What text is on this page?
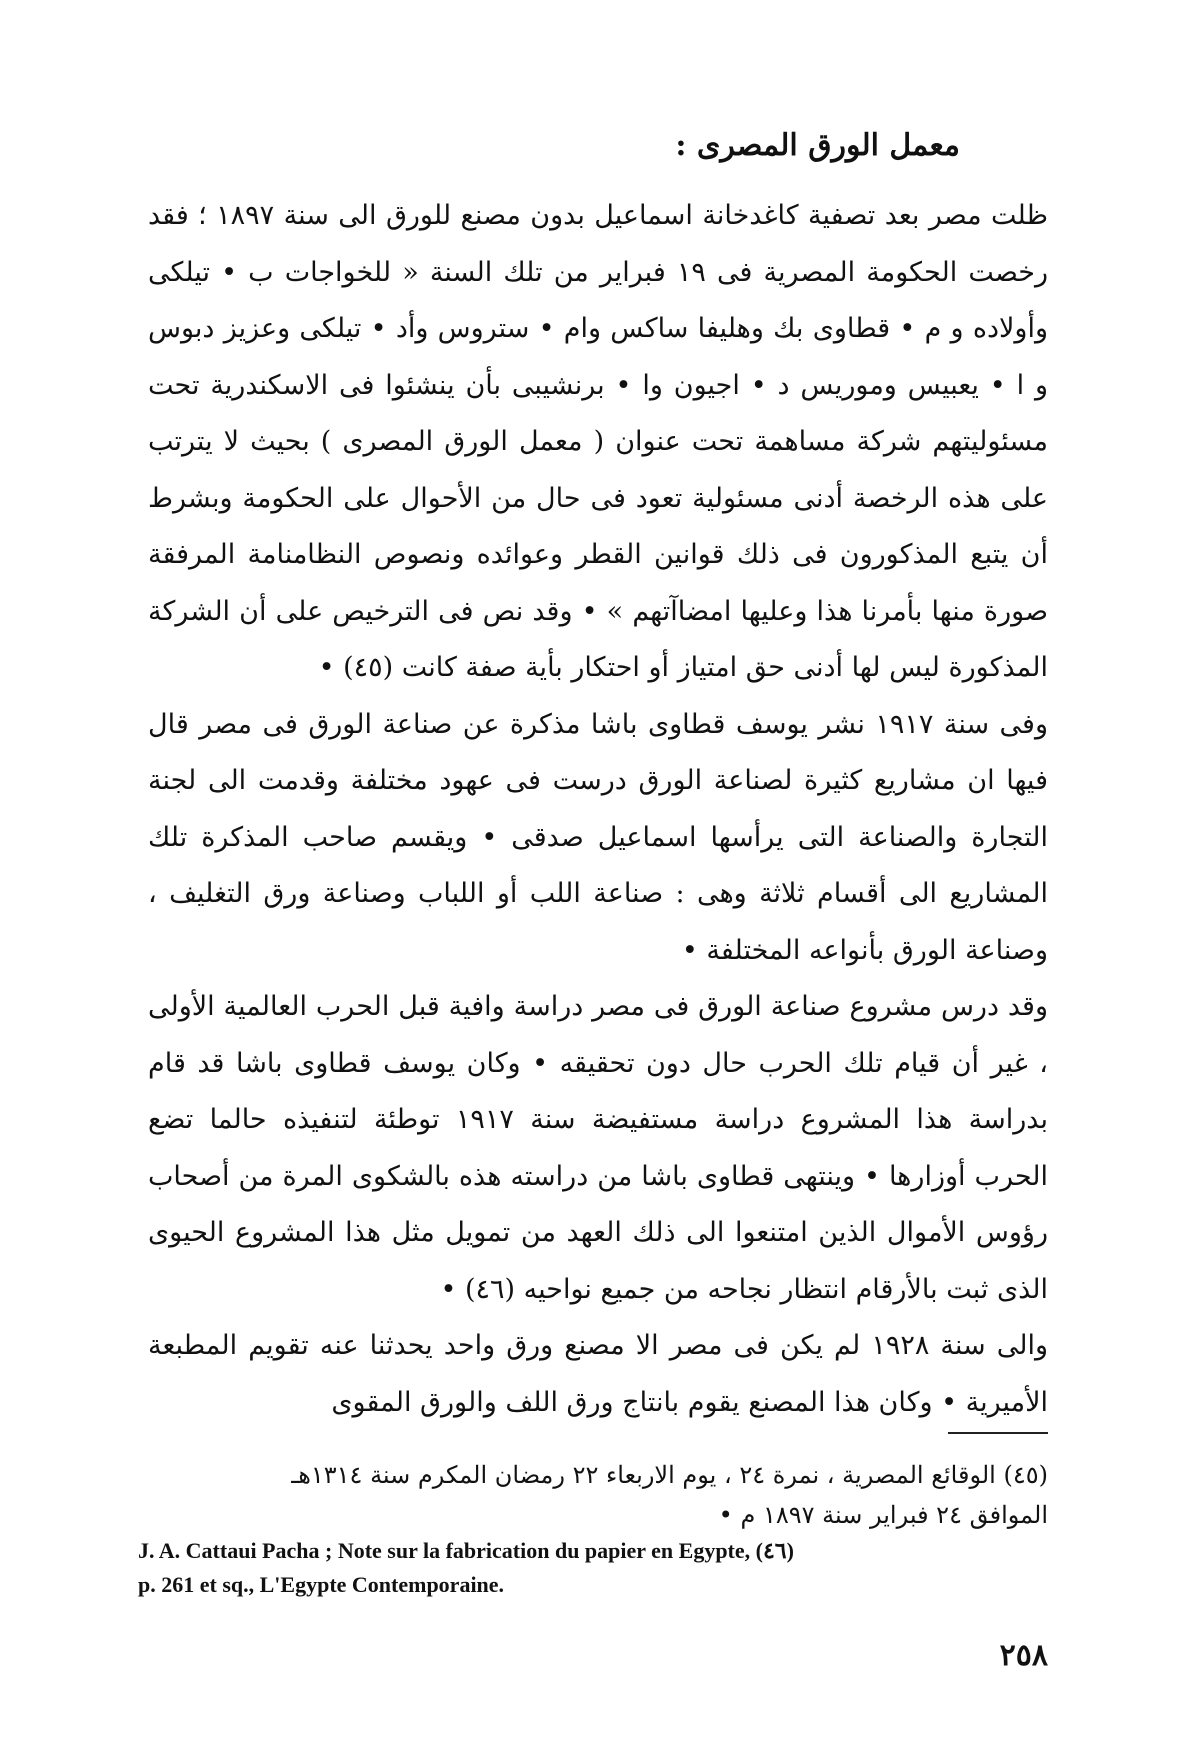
معمل الورق المصرى :

ظلت مصر بعد تصفية كاغدخانة اسماعيل بدون مصنع للورق الى سنة ١٨٩٧ ؛ فقد رخصت الحكومة المصرية فى ١٩ فبراير من تلك السنة « للخواجات ب • تيلكى وأولاده و م • قطاوى بك وهليفا ساكس وام • ستروس وأد • تيلكى وعزيز دبوس و ا • يعبيس وموريس د • اجيون وا • برنشيبى بأن ينشئوا فى الاسكندرية تحت مسئوليتهم شركة مساهمة تحت عنوان ( معمل الورق المصرى ) بحيث لا يترتب على هذه الرخصة أدنى مسئولية تعود فى حال من الأحوال على الحكومة وبشرط أن يتبع المذكورون فى ذلك قوانين القطر وعوائده ونصوص النظامنامة المرفقة صورة منها بأمرنا هذا وعليها امضاآتهم » • وقد نص فى الترخيص على أن الشركة المذكورة ليس لها أدنى حق امتياز أو احتكار بأية صفة كانت (٤٥) •

وفى سنة ١٩١٧ نشر يوسف قطاوى باشا مذكرة عن صناعة الورق فى مصر قال فيها ان مشاريع كثيرة لصناعة الورق درست فى عهود مختلفة وقدمت الى لجنة التجارة والصناعة التى يرأسها اسماعيل صدقى • ويقسم صاحب المذكرة تلك المشاريع الى أقسام ثلاثة وهى : صناعة اللب أو اللباب وصناعة ورق التغليف ، وصناعة الورق بأنواعه المختلفة •

وقد درس مشروع صناعة الورق فى مصر دراسة وافية قبل الحرب العالمية الأولى ، غير أن قيام تلك الحرب حال دون تحقيقه • وكان يوسف قطاوى باشا قد قام بدراسة هذا المشروع دراسة مستفيضة سنة ١٩١٧ توطئة لتنفيذه حالما تضع الحرب أوزارها • وينتهى قطاوى باشا من دراسته هذه بالشكوى المرة من أصحاب رؤوس الأموال الذين امتنعوا الى ذلك العهد من تمويل مثل هذا المشروع الحيوى الذى ثبت بالأرقام انتظار نجاحه من جميع نواحيه (٤٦) •

والى سنة ١٩٢٨ لم يكن فى مصر الا مصنع ورق واحد يحدثنا عنه تقويم المطبعة الأميرية • وكان هذا المصنع يقوم بانتاج ورق اللف والورق المقوى

(٤٥) الوقائع المصرية ، نمرة ٢٤ ، يوم الاربعاء ٢٢ رمضان المكرم سنة ١٣١٤هـ

الموافق ٢٤ فبراير سنة ١٨٩٧ م •

J. A. Cattaui Pacha ; Note sur la fabrication du papier en Egypte, (٤٦)

p. 261 et sq., L'Egypte Contemporaine.

٢٥٨
